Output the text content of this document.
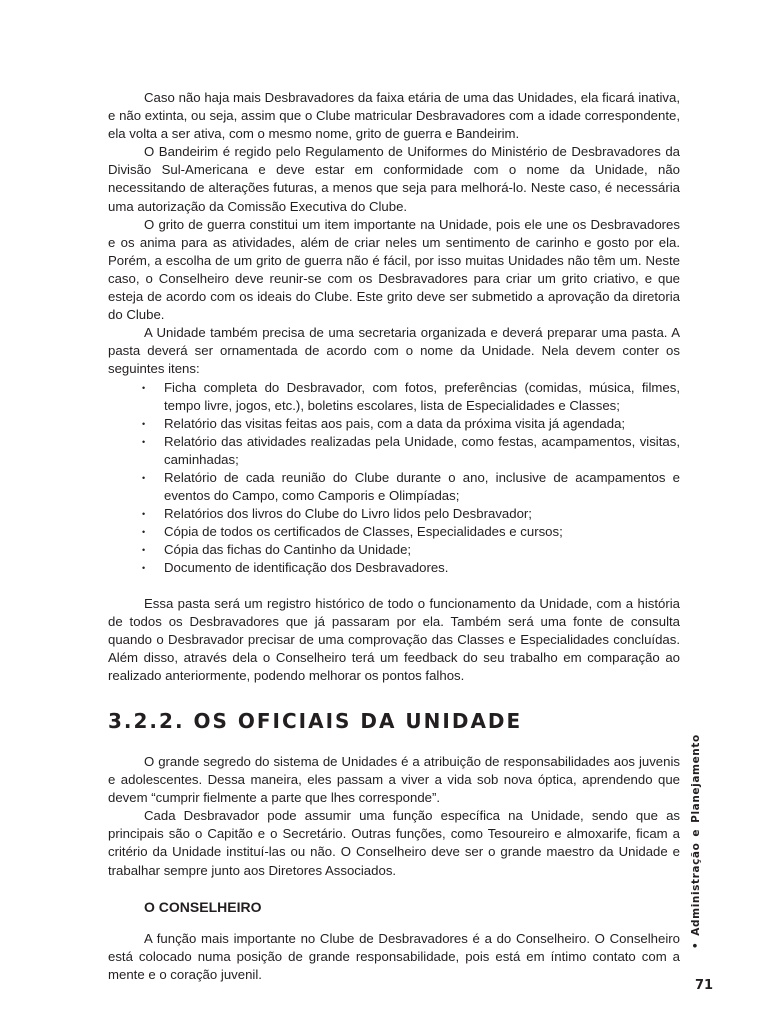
Caso não haja mais Desbravadores da faixa etária de uma das Unidades, ela ficará inativa, e não extinta, ou seja, assim que o Clube matricular Desbravadores com a idade correspondente, ela volta a ser ativa, com o mesmo nome, grito de guerra e Bandeirim.

O Bandeirim é regido pelo Regulamento de Uniformes do Ministério de Desbravadores da Divisão Sul-Americana e deve estar em conformidade com o nome da Unidade, não necessitando de alterações futuras, a menos que seja para melhorá-lo. Neste caso, é necessária uma autorização da Comissão Executiva do Clube.

O grito de guerra constitui um item importante na Unidade, pois ele une os Desbravadores e os anima para as atividades, além de criar neles um sentimento de carinho e gosto por ela. Porém, a escolha de um grito de guerra não é fácil, por isso muitas Unidades não têm um. Neste caso, o Conselheiro deve reunir-se com os Desbravadores para criar um grito criativo, e que esteja de acordo com os ideais do Clube. Este grito deve ser submetido a aprovação da diretoria do Clube.

A Unidade também precisa de uma secretaria organizada e deverá preparar uma pasta. A pasta deverá ser ornamentada de acordo com o nome da Unidade. Nela devem conter os seguintes itens:

• Ficha completa do Desbravador, com fotos, preferências (comidas, música, filmes, tempo livre, jogos, etc.), boletins escolares, lista de Especialidades e Classes;
• Relatório das visitas feitas aos pais, com a data da próxima visita já agendada;
• Relatório das atividades realizadas pela Unidade, como festas, acampamentos, visitas, caminhadas;
• Relatório de cada reunião do Clube durante o ano, inclusive de acampamentos e eventos do Campo, como Camporis e Olimpíadas;
• Relatórios dos livros do Clube do Livro lidos pelo Desbravador;
• Cópia de todos os certificados de Classes, Especialidades e cursos;
• Cópia das fichas do Cantinho da Unidade;
• Documento de identificação dos Desbravadores.

Essa pasta será um registro histórico de todo o funcionamento da Unidade, com a história de todos os Desbravadores que já passaram por ela. Também será uma fonte de consulta quando o Desbravador precisar de uma comprovação das Classes e Especialidades concluídas. Além disso, através dela o Conselheiro terá um feedback do seu trabalho em comparação ao realizado anteriormente, podendo melhorar os pontos falhos.

3.2.2. OS OFICIAIS DA UNIDADE

O grande segredo do sistema de Unidades é a atribuição de responsabilidades aos juvenis e adolescentes. Dessa maneira, eles passam a viver a vida sob nova óptica, aprendendo que devem “cumprir fielmente a parte que lhes corresponde”.

Cada Desbravador pode assumir uma função específica na Unidade, sendo que as principais são o Capitão e o Secretário. Outras funções, como Tesoureiro e almoxarife, ficam a critério da Unidade instituí-las ou não. O Conselheiro deve ser o grande maestro da Unidade e trabalhar sempre junto aos Diretores Associados.

O CONSELHEIRO

A função mais importante no Clube de Desbravadores é a do Conselheiro. O Conselheiro está colocado numa posição de grande responsabilidade, pois está em íntimo contato com a mente e o coração juvenil.

•AdministraçãoePlanejamento
71
